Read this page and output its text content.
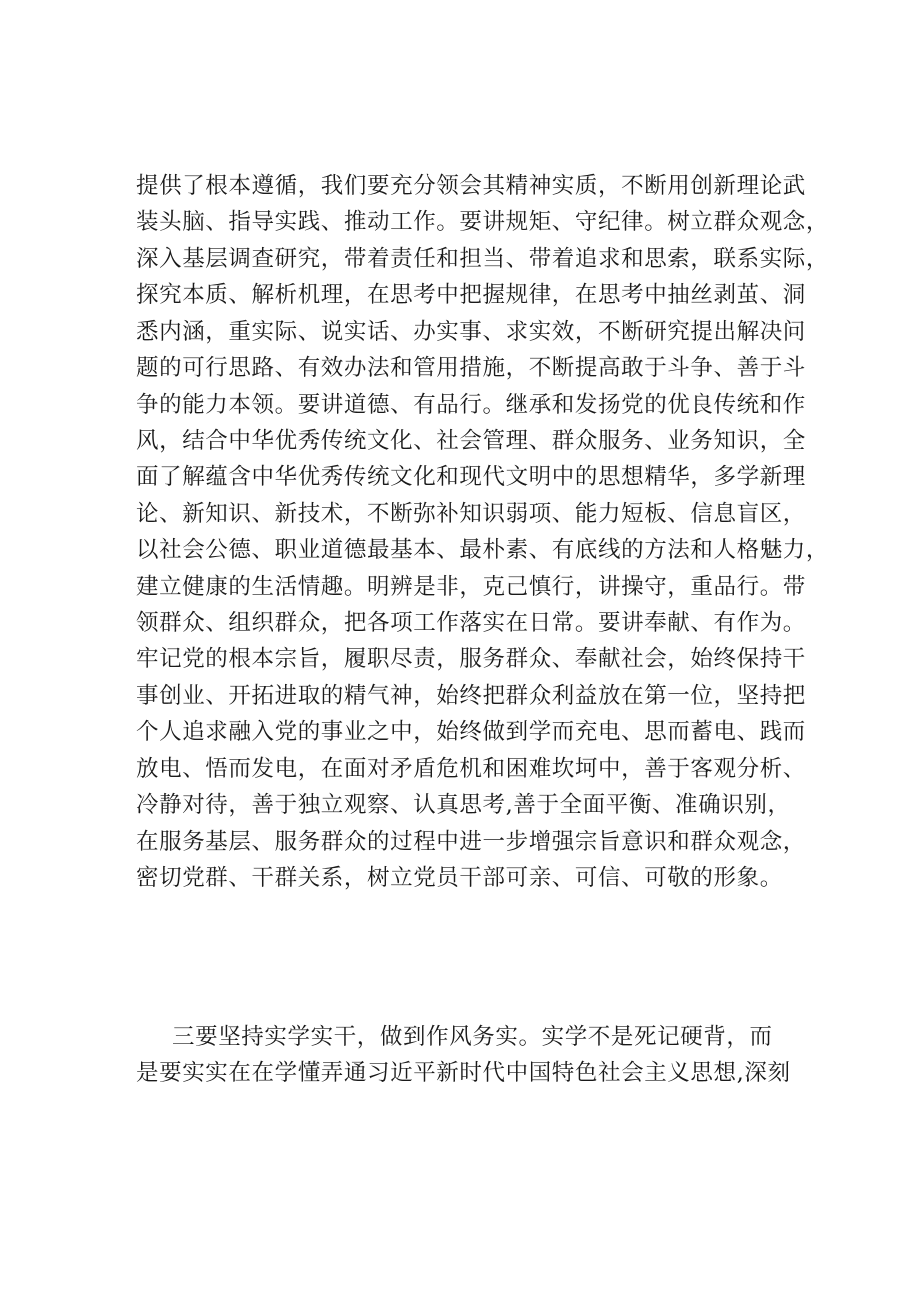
提供了根本遵循，我们要充分领会其精神实质，不断用创新理论武
装头脑、指导实践、推动工作。要讲规矩、守纪律。树立群众观念，
深入基层调查研究，带着责任和担当、带着追求和思索，联系实际，
探究本质、解析机理，在思考中把握规律，在思考中抽丝剥茧、洞
悉内涵，重实际、说实话、办实事、求实效，不断研究提出解决问
题的可行思路、有效办法和管用措施，不断提高敢于斗争、善于斗
争的能力本领。要讲道德、有品行。继承和发扬党的优良传统和作
风，结合中华优秀传统文化、社会管理、群众服务、业务知识，全
面了解蕴含中华优秀传统文化和现代文明中的思想精华，多学新理
论、新知识、新技术，不断弥补知识弱项、能力短板、信息盲区，
以社会公德、职业道德最基本、最朴素、有底线的方法和人格魅力，
建立健康的生活情趣。明辨是非，克己慎行，讲操守，重品行。带
领群众、组织群众，把各项工作落实在日常。要讲奉献、有作为。
牢记党的根本宗旨，履职尽责，服务群众、奉献社会，始终保持干
事创业、开拓进取的精气神，始终把群众利益放在第一位，坚持把
个人追求融入党的事业之中，始终做到学而充电、思而蓄电、践而
放电、悟而发电，在面对矛盾危机和困难坎坷中，善于客观分析、
冷静对待，善于独立观察、认真思考,善于全面平衡、准确识别，
在服务基层、服务群众的过程中进一步增强宗旨意识和群众观念，
密切党群、干群关系，树立党员干部可亲、可信、可敬的形象。
三要坚持实学实干，做到作风务实。实学不是死记硬背，而
是要实实在在学懂弄通习近平新时代中国特色社会主义思想,深刻
